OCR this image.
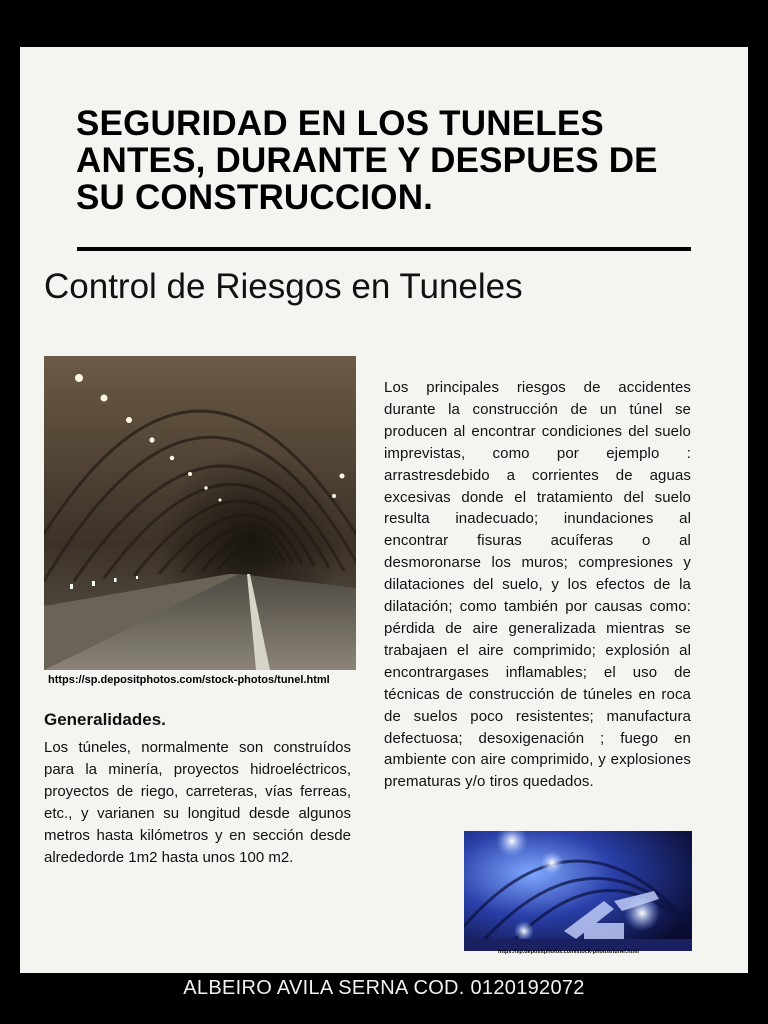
SEGURIDAD EN LOS TUNELES ANTES, DURANTE Y DESPUES DE SU CONSTRUCCION.
Control de Riesgos en Tuneles
https://sp.depositphotos.com/stock-photos/tunel.html
Generalidades.
Los túneles, normalmente son construídos para la minería, proyectos hidroeléctricos, proyectos de riego, carreteras, vías ferreas, etc., y varianen su longitud desde algunos metros hasta kilómetros y en sección desde alrededorde 1m2 hasta unos 100 m2.
Los principales riesgos de accidentes durante la construcción de un túnel se producen al encontrar condiciones del suelo imprevistas, como por ejemplo : arrastresdebido a corrientes de aguas excesivas donde el tratamiento del suelo resulta inadecuado; inundaciones al encontrar fisuras acuíferas o al desmoronarse los muros; compresiones y dilataciones del suelo, y los efectos de la dilatación; como también por causas como: pérdida de aire generalizada mientras se trabajaen el aire comprimido; explosión al encontrargases inflamables; el uso de técnicas de construcción de túneles en roca de suelos poco resistentes; manufactura defectuosa; desoxigenación ; fuego en ambiente con aire comprimido, y explosiones prematuras y/o tiros quedados.
https://sp.depositphotos.com/stock-photos/tunel.html
ALBEIRO AVILA SERNA COD. 0120192072
